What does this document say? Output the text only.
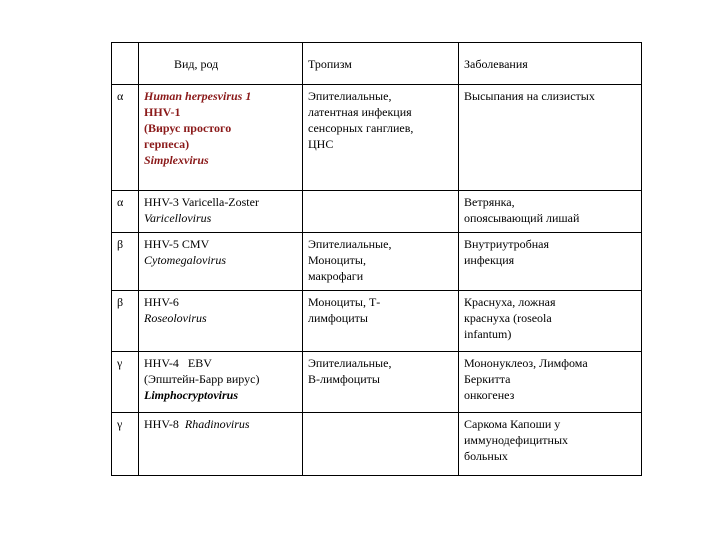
	Вид, род	Тропизм	Заболевания
α	Human herpesvirus 1
HHV-1
(Вирус простого
герпеса)
Simplexvirus	Эпителиальные,
латентная инфекция
сенсорных ганглиев,
ЦНС	Высыпания на слизистых

α	HHV-3 Varicella-Zoster
Varicellovirus		Ветрянка,
опоясывающий лишай

β	HHV-5 CMV
Cytomegalovirus	Эпителиальные,
Моноциты,
макрофаги	Внутриутробная
инфекция

β	HHV-6
Roseolovirus	Моноциты, Т-
лимфоциты	Краснуха, ложная
краснуха (roseola
infantum)

γ	HHV-4   EBV
(Эпштейн-Барр вирус)
Limphocryptovirus	Эпителиальные,
В-лимфоциты	Мононуклеоз, Лимфома
Беркитта
онкогенез

γ	HHV-8 Rhadinovirus		Саркома Капоши у
иммунодефицитных
больных
